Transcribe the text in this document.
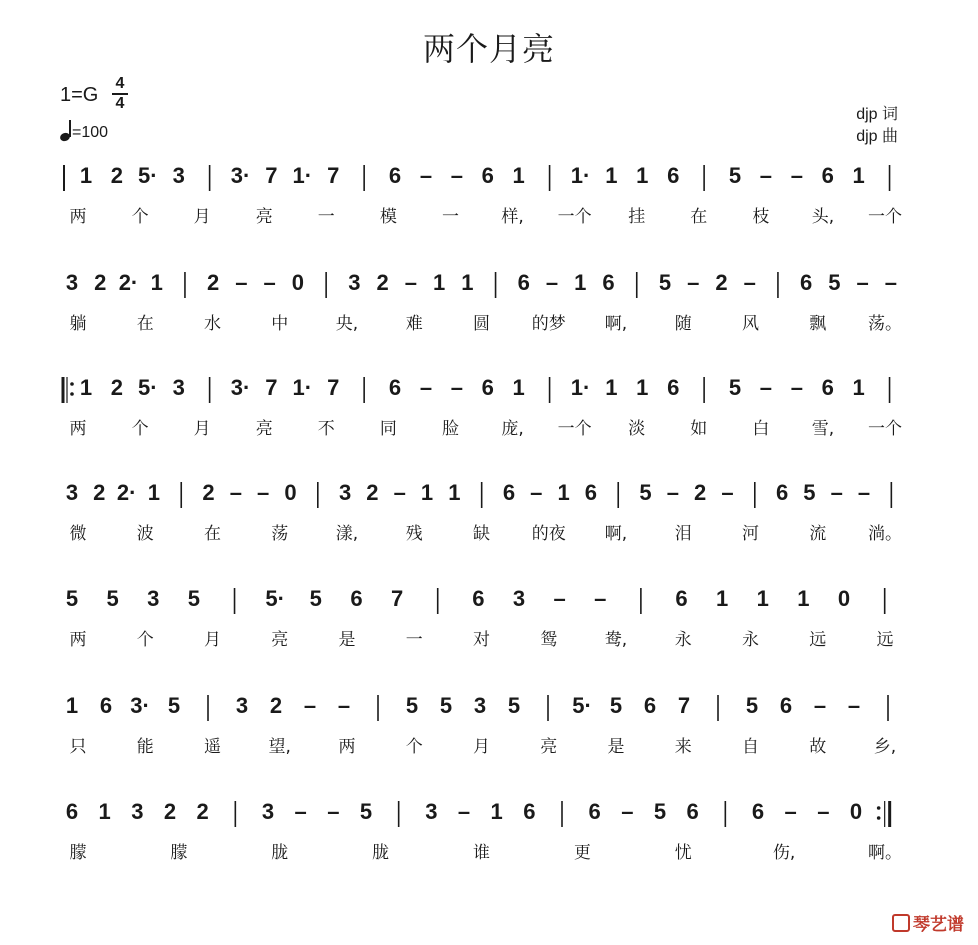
两个月亮
1=G
4
4
=100
djp 词
djp 曲
1 2 5· 3 3· 7 1· 7 6 – – 6 1 1· 1 1 6 5 – – 6 1
两	个	月	亮	一	模	一 样, 一个 挂	在	枝 头, 一个
3 2 2· 1 2 – – 0 3 2 – 1 1 6 – 1 6 5 – 2 – 6 5 – –
躺	在	水	中	央,	难	圆 的梦 啊,	随	风	飘 荡。
1 2 5· 3 3· 7 1· 7 6 – – 6 1 1· 1 1 6 5 – – 6 1
两	个	月	亮	不	同	脸 庞, 一个 淡	如	白 雪, 一个
3 2 2· 1 2 – – 0 3 2 – 1 1 6 – 1 6 5 – 2 – 6 5 – –
微	波	在	荡	漾,	残	缺 的夜 啊,	泪	河	流 淌。
5 5 3 5	5· 5 6 7	6 3 – –	6 1 1 1 0
两	个	月	亮	是	一	对	鸳	鸯,	永	永	远	远
1 6 3· 5	3 2 – –	5 5 3 5 5· 5 6 7	5 6 – –
只	能	遥	望,	两	个	月	亮	是	来	自	故	乡,
6 1 3 2 2 3 – – 5 3 – 1 6 6 – 5 6 6 – – 0
朦	朦	胧	胧	谁	更	忧	伤,	啊。
琴艺谱
